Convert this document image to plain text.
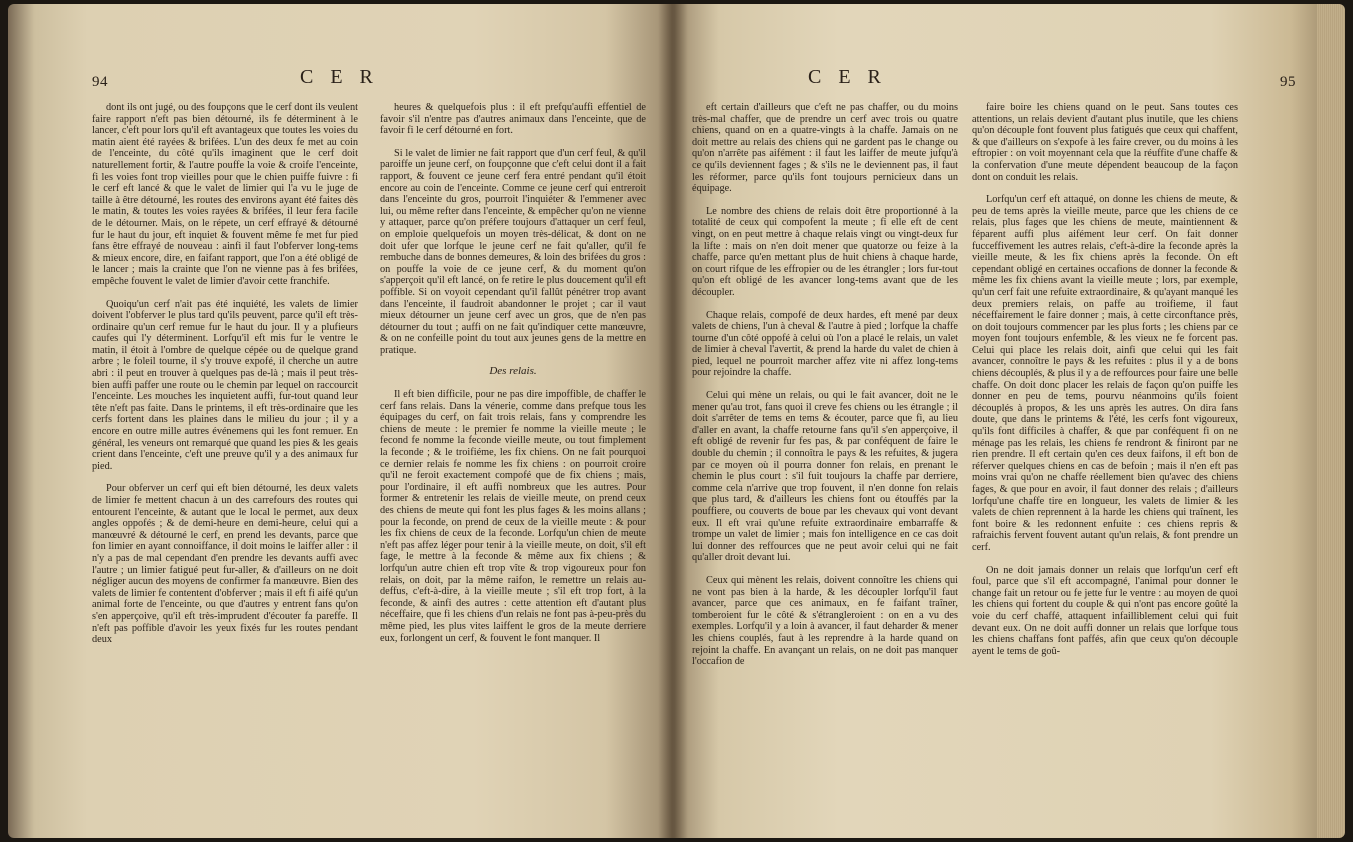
94	C E R

dont ils ont jugé, ou des foupçons que le cerf dont ils veulent faire rapport n'eft pas bien détourné, ils fe déterminent à le lancer, c'eft pour lors qu'il eft avantageux que toutes les voies du matin aient été rayées & brifées. L'un des deux fe met au coin de l'enceinte, du côté qu'ils imaginent que le cerf doit naturellement fortir, & l'autre pouffe la voie & croife l'enceinte, fi les voies font trop vieilles pour que le chien puiffe fuivre : fi le cerf eft lancé & que le valet de limier qui l'a vu le juge de taille à être détourné, les routes des environs ayant été faites dès le matin, & toutes les voies rayées & brifées, il leur fera facile de le détourner. Mais, on le répete, un cerf effrayé & détourné fur le haut du jour, eft inquiet & fouvent même fe met fur pied fans être effrayé de nouveau : ainfi il faut l'obferver long-tems & mieux encore, dire, en faifant rapport, que l'on a été obligé de le lancer ; mais la crainte que l'on ne vienne pas à fes brifées, empêche fouvent le valet de limier d'avoir cette franchife.

Quoiqu'un cerf n'ait pas été inquiété, les valets de limier doivent l'obferver le plus tard qu'ils peuvent, parce qu'il eft très-ordinaire qu'un cerf remue fur le haut du jour. Il y a plufieurs caufes qui l'y déterminent. Lorfqu'il eft mis fur le ventre le matin, il étoit à l'ombre de quelque cépée ou de quelque grand arbre ; le foleil tourne, il s'y trouve expofé, il cherche un autre abri : il peut en trouver à quelques pas de-là ; mais il peut très-bien auffi paffer une route ou le chemin par lequel on raccourcit l'enceinte. Les mouches les inquietent auffi, fur-tout quand leur tête n'eft pas faite. Dans le printems, il eft très-ordinaire que les cerfs fortent dans les plaines dans le milieu du jour ; il y a encore en outre mille autres événemens qui les font remuer. En général, les veneurs ont remarqué que quand les pies & les geais crient dans l'enceinte, c'eft une preuve qu'il y a des animaux fur pied.

Pour obferver un cerf qui eft bien détourné, les deux valets de limier fe mettent chacun à un des carrefours des routes qui entourent l'enceinte, & autant que le local le permet, aux deux angles oppofés ; & de demi-heure en demi-heure, celui qui a manœuvré & détourné le cerf, en prend les devants, parce que fon limier en ayant connoiffance, il doit moins le laiffer aller : il n'y a pas de mal cependant d'en prendre les devants auffi avec l'autre ; un limier fatigué peut fur-aller, & d'ailleurs on ne doit négliger aucun des moyens de confirmer fa manœuvre. Bien des valets de limier fe contentent d'obferver ; mais il eft fi aifé qu'un animal forte de l'enceinte, ou que d'autres y entrent fans qu'on s'en apperçoive, qu'il eft très-imprudent d'écouter fa pareffe. Il n'eft pas poffible d'avoir les yeux fixés fur les routes pendant deux

heures & quelquefois plus : il eft prefqu'auffi effentiel de favoir s'il n'entre pas d'autres animaux dans l'enceinte, que de favoir fi le cerf détourné en fort.

Si le valet de limier ne fait rapport que d'un cerf feul, & qu'il paroiffe un jeune cerf, on foupçonne que c'eft celui dont il a fait rapport, & fouvent ce jeune cerf fera entré pendant qu'il étoit encore au coin de l'enceinte. Comme ce jeune cerf qui entreroit dans l'enceinte du gros, pourroit l'inquiéter & l'emmener avec lui, ou même refter dans l'enceinte, & empêcher qu'on ne vienne y attaquer, parce qu'on préfere toujours d'attaquer un cerf feul, on emploie quelquefois un moyen très-délicat, & dont on ne doit ufer que lorfque le jeune cerf ne fait qu'aller, qu'il fe rembuche dans de bonnes demeures, & loin des brifées du gros : on pouffe la voie de ce jeune cerf, & du moment qu'on s'apperçoit qu'il eft lancé, on fe retire le plus doucement qu'il eft poffible. Si on voyoit cependant qu'il fallût pénétrer trop avant dans l'enceinte, il faudroit abandonner le projet ; car il vaut mieux détourner un jeune cerf avec un gros, que de n'en pas détourner du tout ; auffi on ne fait qu'indiquer cette manœuvre, & on ne confeille point du tout aux jeunes gens de la mettre en pratique.

Des relais.

Il eft bien difficile, pour ne pas dire impoffible, de chaffer le cerf fans relais. Dans la vénerie, comme dans prefque tous les équipages du cerf, on fait trois relais, fans y comprendre les chiens de meute : le premier fe nomme la vieille meute ; le fecond fe nomme la feconde vieille meute, ou tout fimplement la feconde ; & le troifiéme, les fix chiens. On ne fait pourquoi ce dernier relais fe nomme les fix chiens : on pourroit croire qu'il ne feroit exactement compofé que de fix chiens ; mais, pour l'ordinaire, il eft auffi nombreux que les autres. Pour former & entretenir les relais de vieille meute, on prend ceux des chiens de meute qui font les plus fages & les moins allans ; pour la feconde, on prend de ceux de la vieille meute : & pour les fix chiens de ceux de la feconde. Lorfqu'un chien de meute n'eft pas affez léger pour tenir à la vieille meute, on doit, s'il eft fage, le mettre à la feconde & même aux fix chiens ; & lorfqu'un autre chien eft trop vîte & trop vigoureux pour fon relais, on doit, par la même raifon, le remettre un relais au-deffus, c'eft-à-dire, à la vieille meute ; s'il eft trop fort, à la feconde, & ainfi des autres : cette attention eft d'autant plus néceffaire, que fi les chiens d'un relais ne font pas à-peu-près du même pied, les plus vites laiffent le gros de la meute derriere eux, forlongent un cerf, & fouvent le font manquer. Il

C E R	95

eft certain d'ailleurs que c'eft ne pas chaffer, ou du moins très-mal chaffer, que de prendre un cerf avec trois ou quatre chiens, quand on en a quatre-vingts à la chaffe. Jamais on ne doit mettre au relais des chiens qui ne gardent pas le change ou qu'on n'arrête pas aifément : il faut les laiffer de meute jufqu'à ce qu'ils deviennent fages ; & s'ils ne le deviennent pas, il faut les réformer, parce qu'ils font toujours pernicieux dans un équipage.

Le nombre des chiens de relais doit être proportionné à la totalité de ceux qui compofent la meute ; fi elle eft de cent vingt, on en peut mettre à chaque relais vingt ou vingt-deux fur la lifte : mais on n'en doit mener que quatorze ou feize à la chaffe, parce qu'en mettant plus de huit chiens à chaque harde, on court rifque de les effropier ou de les étrangler ; lors fur-tout qu'on eft obligé de les avancer long-tems avant que de les découpler.

Chaque relais, compofé de deux hardes, eft mené par deux valets de chiens, l'un à cheval & l'autre à pied ; lorfque la chaffe tourne d'un côté oppofé à celui où l'on a placé le relais, un valet de limier à cheval l'avertit, & prend la harde du valet de chien à pied, lequel ne pourroit marcher affez vite ni affez long-tems pour rejoindre la chaffe.

Celui qui mène un relais, ou qui le fait avancer, doit ne le mener qu'au trot, fans quoi il creve fes chiens ou les étrangle ; il doit s'arrêter de tems en tems & écouter, parce que fi, au lieu d'aller en avant, la chaffe retourne fans qu'il s'en apperçoive, il eft obligé de revenir fur fes pas, & par conféquent de faire le double du chemin ; il connoîtra le pays & les refuites, & jugera par ce moyen où il pourra donner fon relais, en prenant le chemin le plus court : s'il fuit toujours la chaffe par derriere, comme cela n'arrive que trop fouvent, il n'en donne fon relais que plus tard, & d'ailleurs les chiens font ou étouffés par la pouffiere, ou couverts de boue par les chevaux qui vont devant eux. Il eft vrai qu'une refuite extraordinaire embarraffe & trompe un valet de limier ; mais fon intelligence en ce cas doit lui donner des reffources que ne peut avoir celui qui ne fait qu'aller droit devant lui.

Ceux qui mènent les relais, doivent connoître les chiens qui ne vont pas bien à la harde, & les découpler lorfqu'il faut avancer, parce que ces animaux, en fe faifant traîner, tomberoient fur le côté & s'étrangleroient : on en a vu des exemples. Lorfqu'il y a loin à avancer, il faut deharder & mener les chiens couplés, faut à les reprendre à la harde quand on rejoint la chaffe. En avançant un relais, on ne doit pas manquer l'occafion de

faire boire les chiens quand on le peut. Sans toutes ces attentions, un relais devient d'autant plus inutile, que les chiens qu'on découple font fouvent plus fatigués que ceux qui chaffent, & que d'ailleurs on s'expofe à les faire crever, ou du moins à les eftropier : on voit moyennant cela que la réuffite d'une chaffe & la confervation d'une meute dépendent beaucoup de la façon dont on conduit les relais.

Lorfqu'un cerf eft attaqué, on donne les chiens de meute, & peu de tems après la vieille meute, parce que les chiens de ce relais, plus fages que les chiens de meute, maintiennent & féparent auffi plus aifément leur cerf. On fait donner fucceffivement les autres relais, c'eft-à-dire la feconde après la vieille meute, & les fix chiens après la feconde. On eft cependant obligé en certaines occafions de donner la feconde & même les fix chiens avant la vieille meute ; lors, par exemple, qu'un cerf fait une refuite extraordinaire, & qu'ayant manqué les deux premiers relais, on paffe au troifieme, il faut néceffairement le faire donner ; mais, à cette circonftance près, on doit toujours commencer par les plus forts ; les chiens par ce moyen font toujours enfemble, & les vieux ne fe forcent pas. Celui qui place les relais doit, ainfi que celui qui les fait avancer, connoître le pays & les refuites : plus il y a de bons chiens découplés, & plus il y a de reffources pour faire une belle chaffe. On doit donc placer les relais de façon qu'on puiffe les donner en peu de tems, pourvu néanmoins qu'ils foient découplés à propos, & les uns après les autres. On dira fans doute, que dans le printems & l'été, les cerfs font vigoureux, qu'ils font difficiles à chaffer, & que par conféquent fi on ne ménage pas les relais, les chiens fe rendront & finiront par ne rien prendre. Il eft certain qu'en ces deux faifons, il eft bon de réferver quelques chiens en cas de befoin ; mais il n'en eft pas moins vrai qu'on ne chaffe réellement bien qu'avec des chiens fages, & que pour en avoir, il faut donner des relais ; d'ailleurs lorfqu'une chaffe tire en longueur, les valets de limier & les valets de chien reprennent à la harde les chiens qui traînent, les font boire & les redonnent enfuite : ces chiens repris & rafraichis fervent fouvent autant qu'un relais, & font prendre un cerf.

On ne doit jamais donner un relais que lorfqu'un cerf eft foul, parce que s'il eft accompagné, l'animal pour donner le change fait un retour ou fe jette fur le ventre : au moyen de quoi les chiens qui fortent du couple & qui n'ont pas encore goûté la voie du cerf chaffé, attaquent infailliblement celui qui fuit devant eux. On ne doit auffi donner un relais que lorfque tous les chiens chaffans font paffés, afin que ceux qu'on découple ayent le tems de goû-
